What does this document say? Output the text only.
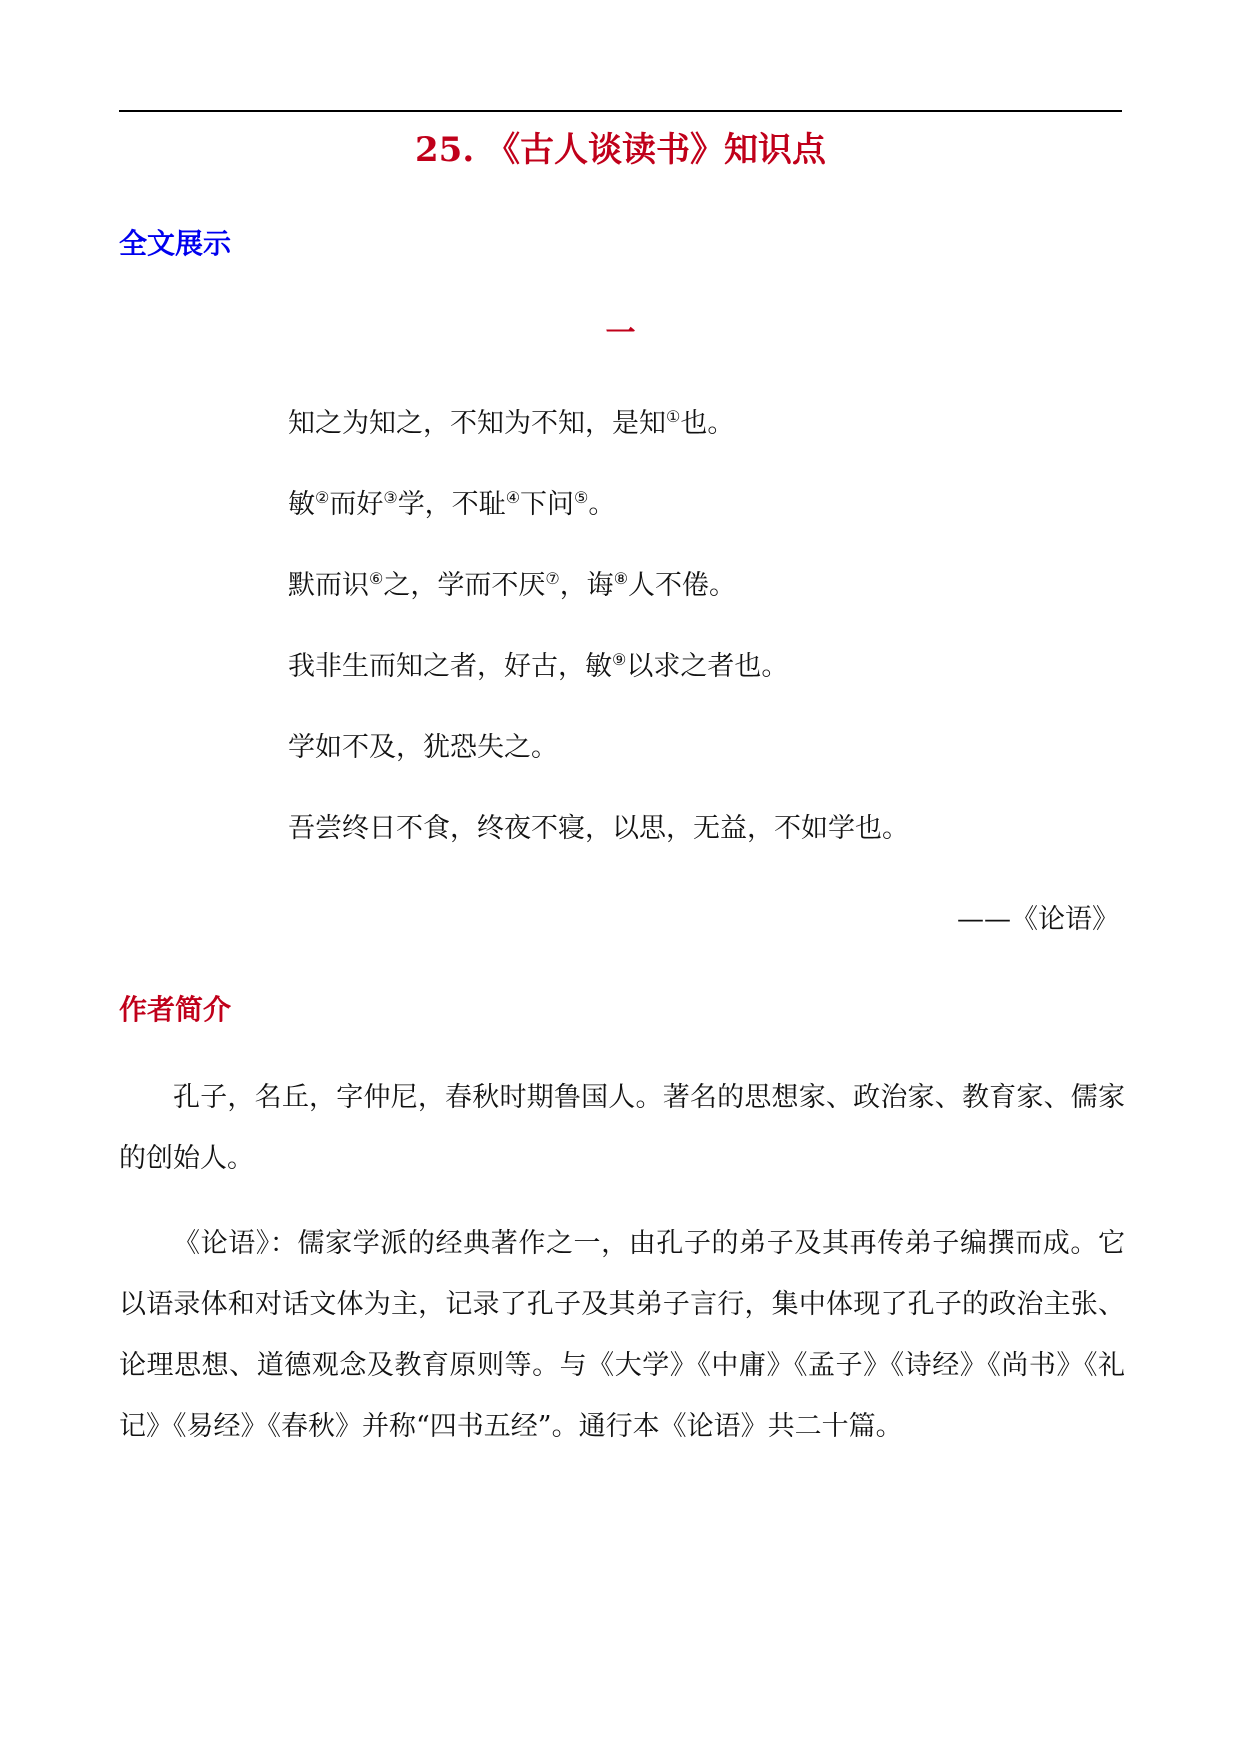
25. 《古人谈读书》知识点
全文展示
一
知之为知之，不知为不知，是知①也。
敏②而好③学，不耻④下问⑤。
默而识⑥之，学而不厌⑦，诲⑧人不倦。
我非生而知之者，好古，敏⑨以求之者也。
学如不及，犹恐失之。
吾尝终日不食，终夜不寝，以思，无益，不如学也。
——《论语》
作者简介

孔子，名丘，字仲尼，春秋时期鲁国人。著名的思想家、政治家、教育家、儒家的创始人。

《论语》：儒家学派的经典著作之一，由孔子的弟子及其再传弟子编撰而成。它以语录体和对话文体为主，记录了孔子及其弟子言行，集中体现了孔子的政治主张、论理思想、道德观念及教育原则等。与《大学》《中庸》《孟子》《诗经》《尚书》《礼记》《易经》《春秋》并称“四书五经”。通行本《论语》共二十篇。
